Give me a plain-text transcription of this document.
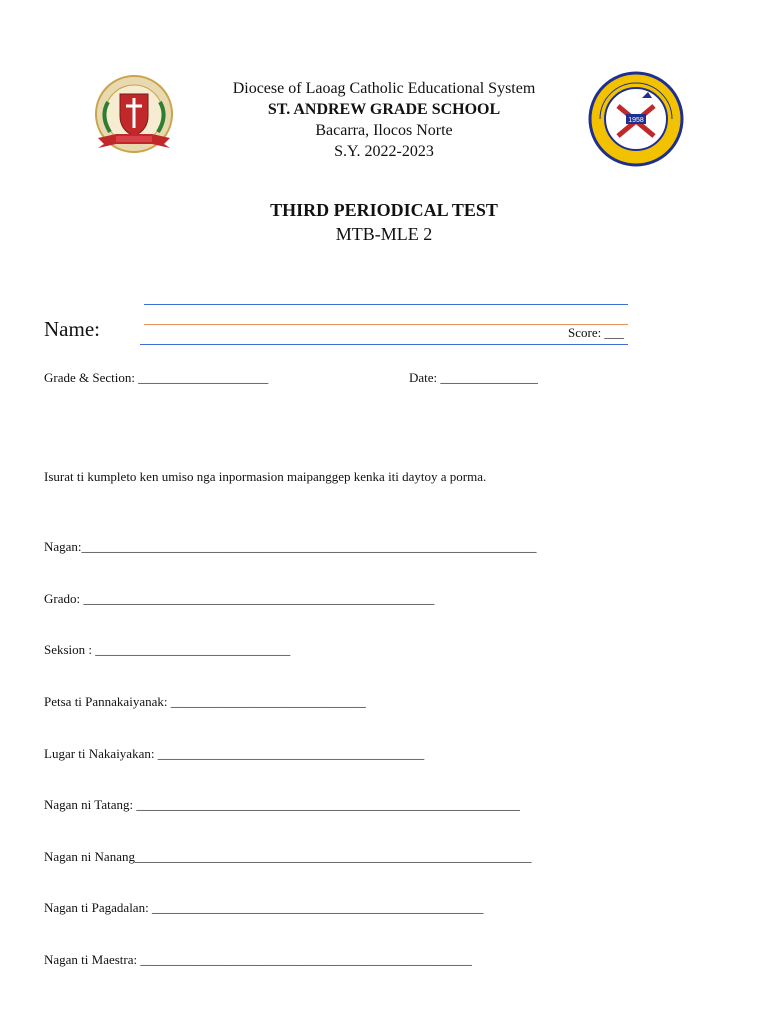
1958
Diocese of Laoag Catholic Educational System
ST. ANDREW GRADE SCHOOL
Bacarra, Ilocos Norte
S.Y. 2022-2023
THIRD PERIODICAL TEST
MTB-MLE 2
Name:	Score: ___
Grade & Section: ____________________	Date: _______________
Isurat ti kumpleto ken umiso nga inpormasion maipanggep kenka iti daytoy a porma.
Nagan:______________________________________________________________________
Grado: ______________________________________________________
Seksion : ______________________________
Petsa ti Pannakaiyanak: ______________________________
Lugar ti Nakaiyakan: _________________________________________
Nagan ni Tatang: ___________________________________________________________
Nagan ni Nanang_____________________________________________________________
Nagan ti Pagadalan: ___________________________________________________
Nagan ti Maestra: ___________________________________________________
